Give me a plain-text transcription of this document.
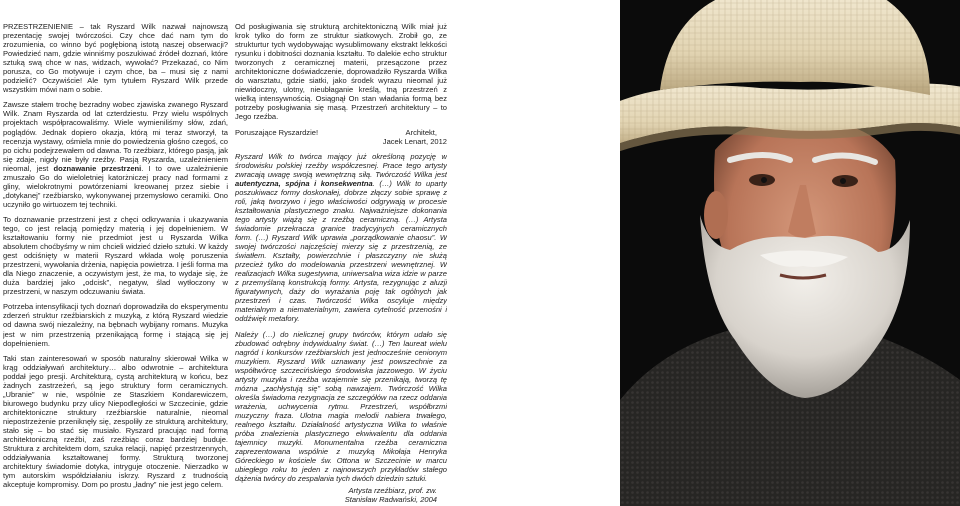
PRZESTRZENIENIE – tak Ryszard Wilk nazwał najnowszą prezentację swojej twórczości. Czy chce dać nam tym do zrozumienia, co winno być pogłębioną istotą naszej obserwacji? Powiedzieć nam, gdzie winniśmy poszukiwać źródeł doznań, które sztuką swą chce w nas, widzach, wywołać? Przekazać, co Nim porusza, co Go motywuje i czym chce, ba – musi się z nami podzielić? Oczywiście! Ale tym tytułem Ryszard Wilk przede wszystkim mówi nam o sobie.

Zawsze stałem trochę bezradny wobec zjawiska zwanego Ryszard Wilk. Znam Ryszarda od lat czterdziestu. Przy wielu wspólnych projektach współpracowaliśmy. Wiele wymieniliśmy słów, zdań, poglądów. Jednak dopiero okazja, którą mi teraz stworzył, ta recenzja wystawy, ośmiela mnie do powiedzenia głośno czegoś, co po cichu podejrzewałem od dawna. To rzeźbiarz, którego pasją, jak się zdaje, nigdy nie były rzeźby. Pasją Ryszarda, uzależnieniem nieomal, jest doznawanie przestrzeni. I to owe uzależnienie zmuszało Go do wieloletniej katorżniczej pracy nad formami z gliny, wielokrotnymi powtórzeniami kreowanej przez siebie i „dotykanej” rzeźbiarsko, wykonywanej przemysłowo ceramiki. Ono uczyniło go wirtuozem tej techniki.

To doznawanie przestrzeni jest z chęci odkrywania i ukazywania tego, co jest relacją pomiędzy materią i jej dopełnieniem. W kształtowaniu formy nie przedmiot jest u Ryszarda Wilka absolutem choćbyśmy w nim chcieli widzieć dzieło sztuki. W każdy gest odciśnięty w materii Ryszard wkłada wolę poruszenia przestrzeni, wywołania drżenia, napięcia powietrza. I jeśli forma ma dla Niego znaczenie, a oczywistym jest, że ma, to wydaje się, że duża bardziej jako „odcisk”, negatyw, ślad wytłoczony w przestrzeni, w naszym odczuwaniu świata.

Potrzeba intensyfikacji tych doznań doprowadziła do eksperymentu zderzeń struktur rzeźbiarskich z muzyką, z którą Ryszard wiedzie od dawna swój niezależny, na bębnach wybijany romans. Muzyka jest w nim przestrzenią przenikającą formę i stającą się jej dopełnieniem.

Taki stan zainteresowań w sposób naturalny skierował Wilka w krąg oddziaływań architektury… albo odwrotnie – architektura poddał jego presji. Architekturą, cystą architekturą w końcu, bez żadnych zastrzeżeń, są jego struktury form ceramicznych. „Ubranie” w nie, wspólnie ze Staszkiem Kondarewiczem, biurowego budynku przy ulicy Niepodległości w Szczecinie, gdzie architektoniczne struktury rzeźbiarskie naturalnie, nieomal niepostrzeżenie przeniknęły się, zespoliły ze strukturą architektury, stało się – bo stać się musiało. Ryszard pracując nad formą architektoniczną rzeźbi, zaś rzeźbiąc coraz bardziej buduje. Struktura z architektem dom, szuka relacji, napięć przestrzennych, oddziaływania kształtowanej formy. Strukturą tworzonej architektury świadomie dotyka, intryguje otoczenie. Nierzadko w tym autorskim współdziałaniu iskrzy. Ryszard z trudnością akceptuje kompromisy. Dom po prostu „ładny” nie jest jego celem.

Od posługiwania się strukturą architektoniczną Wilk miał już krok tylko do form ze struktur siatkowych. Zrobił go, ze strukturtur tych wydobywając wysublimowany ekstrakt lekkości rysunku i dobitności doznania kształtu. To dalekie echo struktur tworzonych z ceramicznej materii, przesączone przez architektoniczne doświadczenie, doprowadziło Ryszarda Wilka do warsztatu, gdzie siatki, jako środek wyrazu nieomal już niewidoczny, ulotny, nieubłaganie kreślą, tną przestrzeń z wielką intensywnością. Osiągnął On stan władania formą bez potrzeby posługiwania się masą. Przestrzeń architektury – to Jego rzeźba.

Poruszające Ryszardzie!	Architekt,

Jacek Lenart, 2012

Ryszard Wilk to twórca mający już określoną pozycję w środowisku polskiej rzeźby współczesnej. Prace tego artysty zwracają uwagę swoją wewnętrzną siłą. Twórczość Wilka jest autentyczna, spójna i konsekwentna. (…) Wilk to uparty poszukiwacz formy doskonałej, dobrze złączy sobie sprawę z roli, jaką tworzywo i jego właściwości odgrywają w procesie kształtowania plastycznego znaku. Najważniejsze dokonania tego artysty wiążą się z rzeźbą ceramiczną. (…) Artysta świadomie przekracza granice tradycyjnych ceramicznych form. (…) Ryszard Wilk uprawia „porządkowanie chaosu”. W swojej twórczości najczęściej mierzy się z przestrzenią, ze światłem. Kształty, powierzchnie i płaszczyzny nie służą przecież tylko do modelowania przestrzeni wewnętrznej. W realizacjach Wilka sugestywna, uniwersalna wiza idzie w parze z przemyślaną konstrukcją formy. Artysta, rezygnując z aluzji figuratywnych, daży do wyrażania poję tak ogólnych jak przestrzeń i czas. Twórczość Wilka oscyluje między materialnym a niematerialnym, zawiera cytelność przenośni i oddźwięk metafory.

Należy (…) do nielicznej grupy twórców, którym udało się zbudować odrębny indywidualny świat. (…) Ten laureat wielu nagród i konkursów rzeźbiarskich jest jednocześnie cenionym muzykiem. Ryszard Wilk uznawany jest powszechnie za współtwórcę szczecińskiego środowiska jazzowego. W życiu artysty muzyka i rzeźba wzajemnie się przenikają, tworzą tę mózna „zachłystują się” sobą nawzajem. Twórczość Wilka określa świadoma rezygnacja ze szczegółów na rzecz oddania wrażenia, uchwycenia rytmu. Przestrzeń, współbrzmi muzyczny fraza. Ulotna magia melodii nabiera trwałego, realnego kształtu. Działalność artystyczna Wilka to właśnie próba znalezienia plastycznego ekwiwalentu dla oddania tajemnicy muzyki. Monumentalna rzeźba ceramiczna zaprezentowana wspólnie z muzyką Mikołaja Henryka Góreckiego w kościele św. Ottona w Szczecinie w marcu ubiegłego roku to jeden z najnowszych przykładów stałego dążenia twórcy do zespalania tych dwóch dziedzin sztuki.

Artysta rzeźbiarz, prof. zw.
Stanisław Radwański, 2004
